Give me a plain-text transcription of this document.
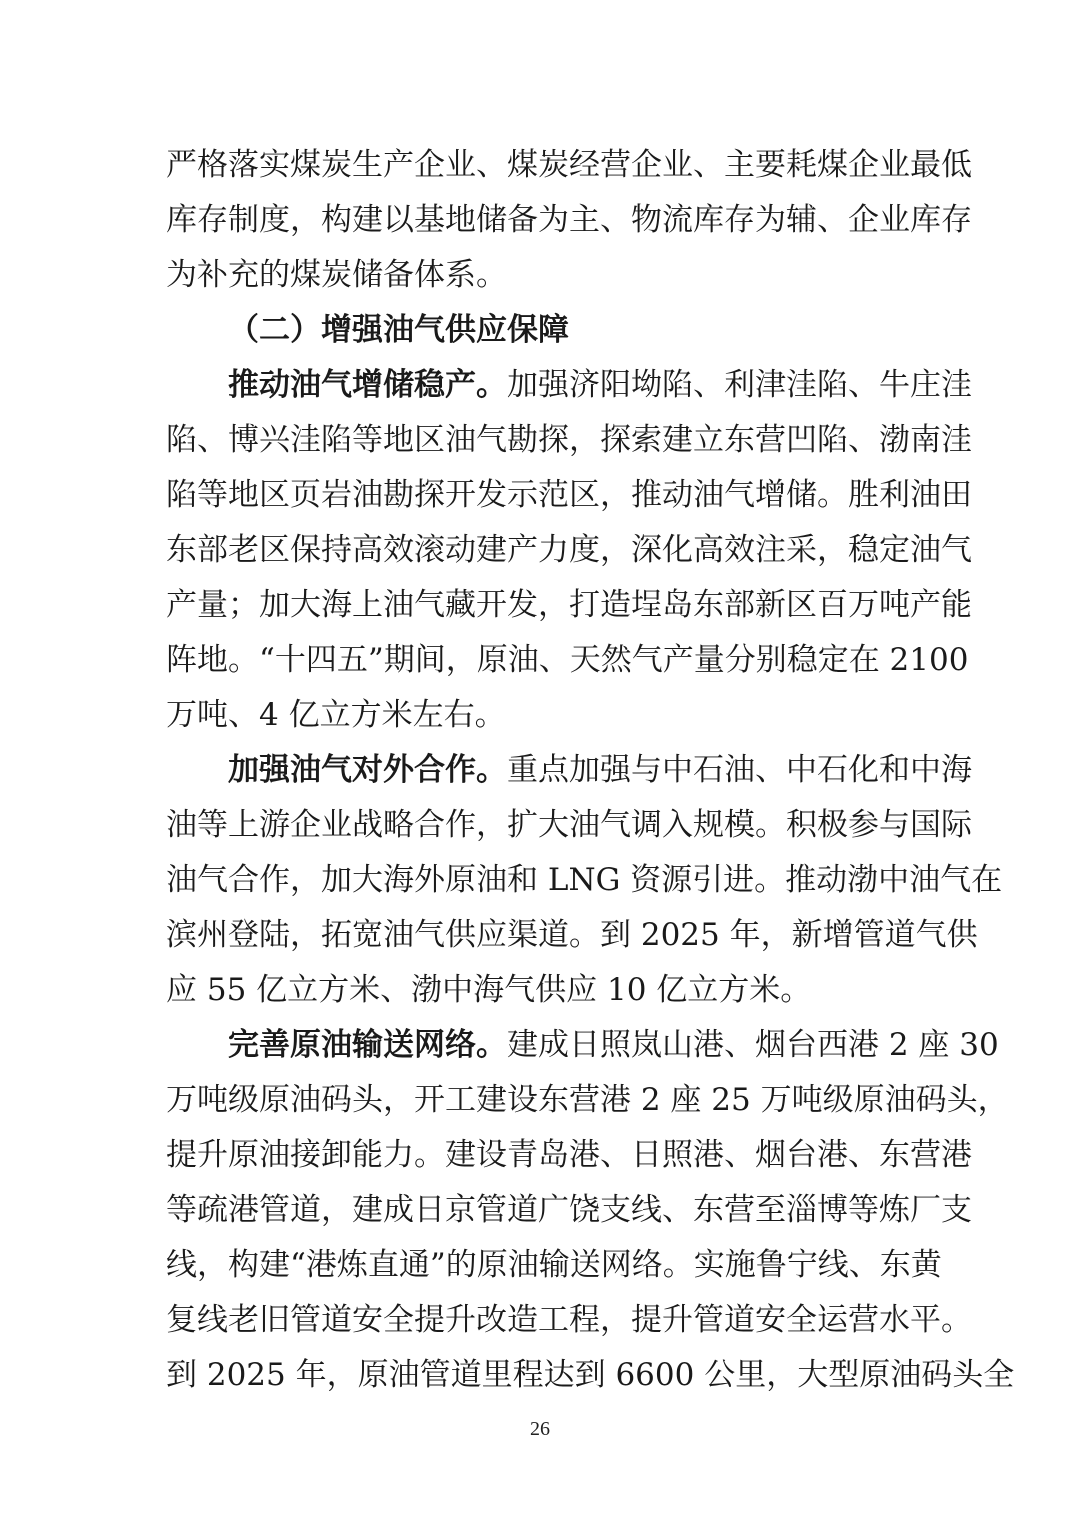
严格落实煤炭生产企业、煤炭经营企业、主要耗煤企业最低
库存制度，构建以基地储备为主、物流库存为辅、企业库存
为补充的煤炭储备体系。
（二）增强油气供应保障
推动油气增储稳产。加强济阳坳陷、利津洼陷、牛庄洼
陷、博兴洼陷等地区油气勘探，探索建立东营凹陷、渤南洼
陷等地区页岩油勘探开发示范区，推动油气增储。胜利油田
东部老区保持高效滚动建产力度，深化高效注采，稳定油气
产量；加大海上油气藏开发，打造埕岛东部新区百万吨产能
阵地。“十四五”期间，原油、天然气产量分别稳定在 2100
万吨、4 亿立方米左右。
加强油气对外合作。重点加强与中石油、中石化和中海
油等上游企业战略合作，扩大油气调入规模。积极参与国际
油气合作，加大海外原油和 LNG 资源引进。推动渤中油气在
滨州登陆，拓宽油气供应渠道。到 2025 年，新增管道气供
应 55 亿立方米、渤中海气供应 10 亿立方米。
完善原油输送网络。建成日照岚山港、烟台西港 2 座 30
万吨级原油码头，开工建设东营港 2 座 25 万吨级原油码头，
提升原油接卸能力。建设青岛港、日照港、烟台港、东营港
等疏港管道，建成日京管道广饶支线、东营至淄博等炼厂支
线，构建“港炼直通”的原油输送网络。实施鲁宁线、东黄
复线老旧管道安全提升改造工程，提升管道安全运营水平。
到 2025 年，原油管道里程达到 6600 公里，大型原油码头全
26
